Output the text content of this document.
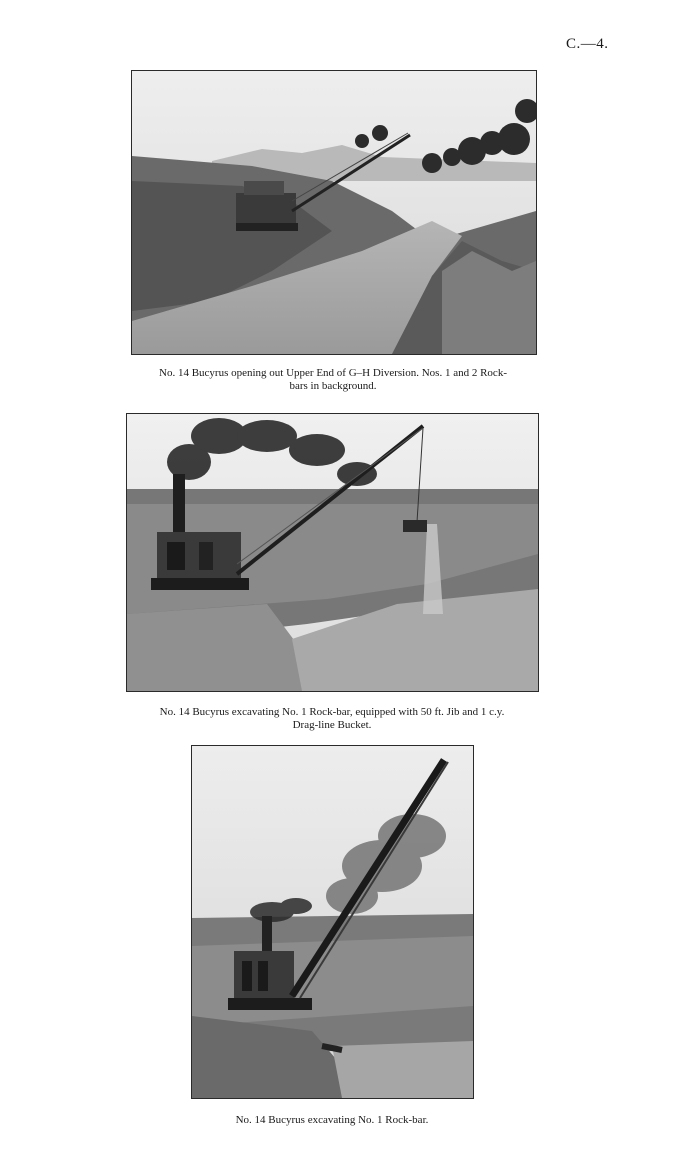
C.—4.
No. 14 Bucyrus opening out Upper End of G–H Diversion. Nos. 1 and 2 Rock-
bars in background.
No. 14 Bucyrus excavating No. 1 Rock-bar, equipped with 50 ft. Jib and 1 c.y.
Drag-line Bucket.
No. 14 Bucyrus excavating No. 1 Rock-bar.
